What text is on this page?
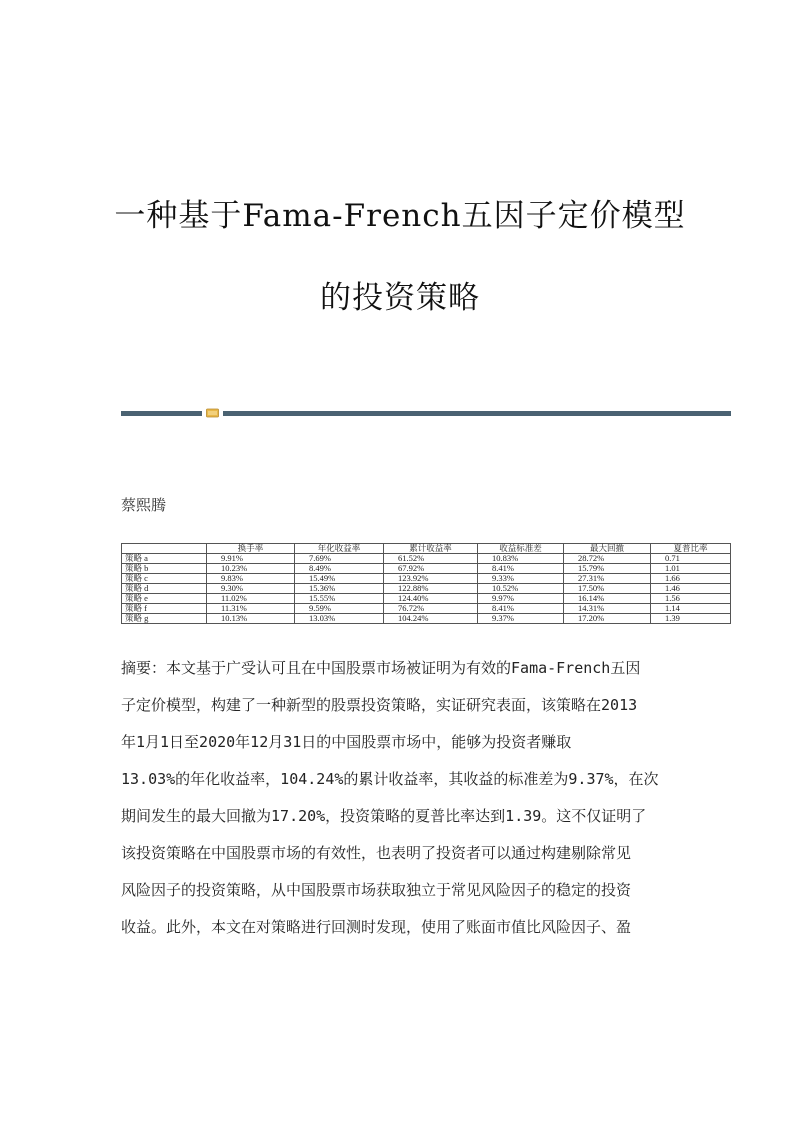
一种基于Fama-French五因子定价模型
的投资策略
蔡熙腾
	换手率	年化收益率	累计收益率	收益标准差	最大回撤	夏普比率
策略 a	9.91%	7.69%	61.52%	10.83%	28.72%	0.71
策略 b	10.23%	8.49%	67.92%	8.41%	15.79%	1.01
策略 c	9.83%	15.49%	123.92%	9.33%	27.31%	1.66
策略 d	9.30%	15.36%	122.88%	10.52%	17.50%	1.46
策略 e	11.02%	15.55%	124.40%	9.97%	16.14%	1.56
策略 f	11.31%	9.59%	76.72%	8.41%	14.31%	1.14
策略 g	10.13%	13.03%	104.24%	9.37%	17.20%	1.39
摘要：本文基于广受认可且在中国股票市场被证明为有效的Fama-French五因
子定价模型，构建了一种新型的股票投资策略，实证研究表面，该策略在2013
年1月1日至2020年12月31日的中国股票市场中，能够为投资者赚取
13.03%的年化收益率，104.24%的累计收益率，其收益的标准差为9.37%，在次
期间发生的最大回撤为17.20%，投资策略的夏普比率达到1.39。这不仅证明了
该投资策略在中国股票市场的有效性，也表明了投资者可以通过构建剔除常见
风险因子的投资策略，从中国股票市场获取独立于常见风险因子的稳定的投资
收益。此外，本文在对策略进行回测时发现，使用了账面市值比风险因子、盈
